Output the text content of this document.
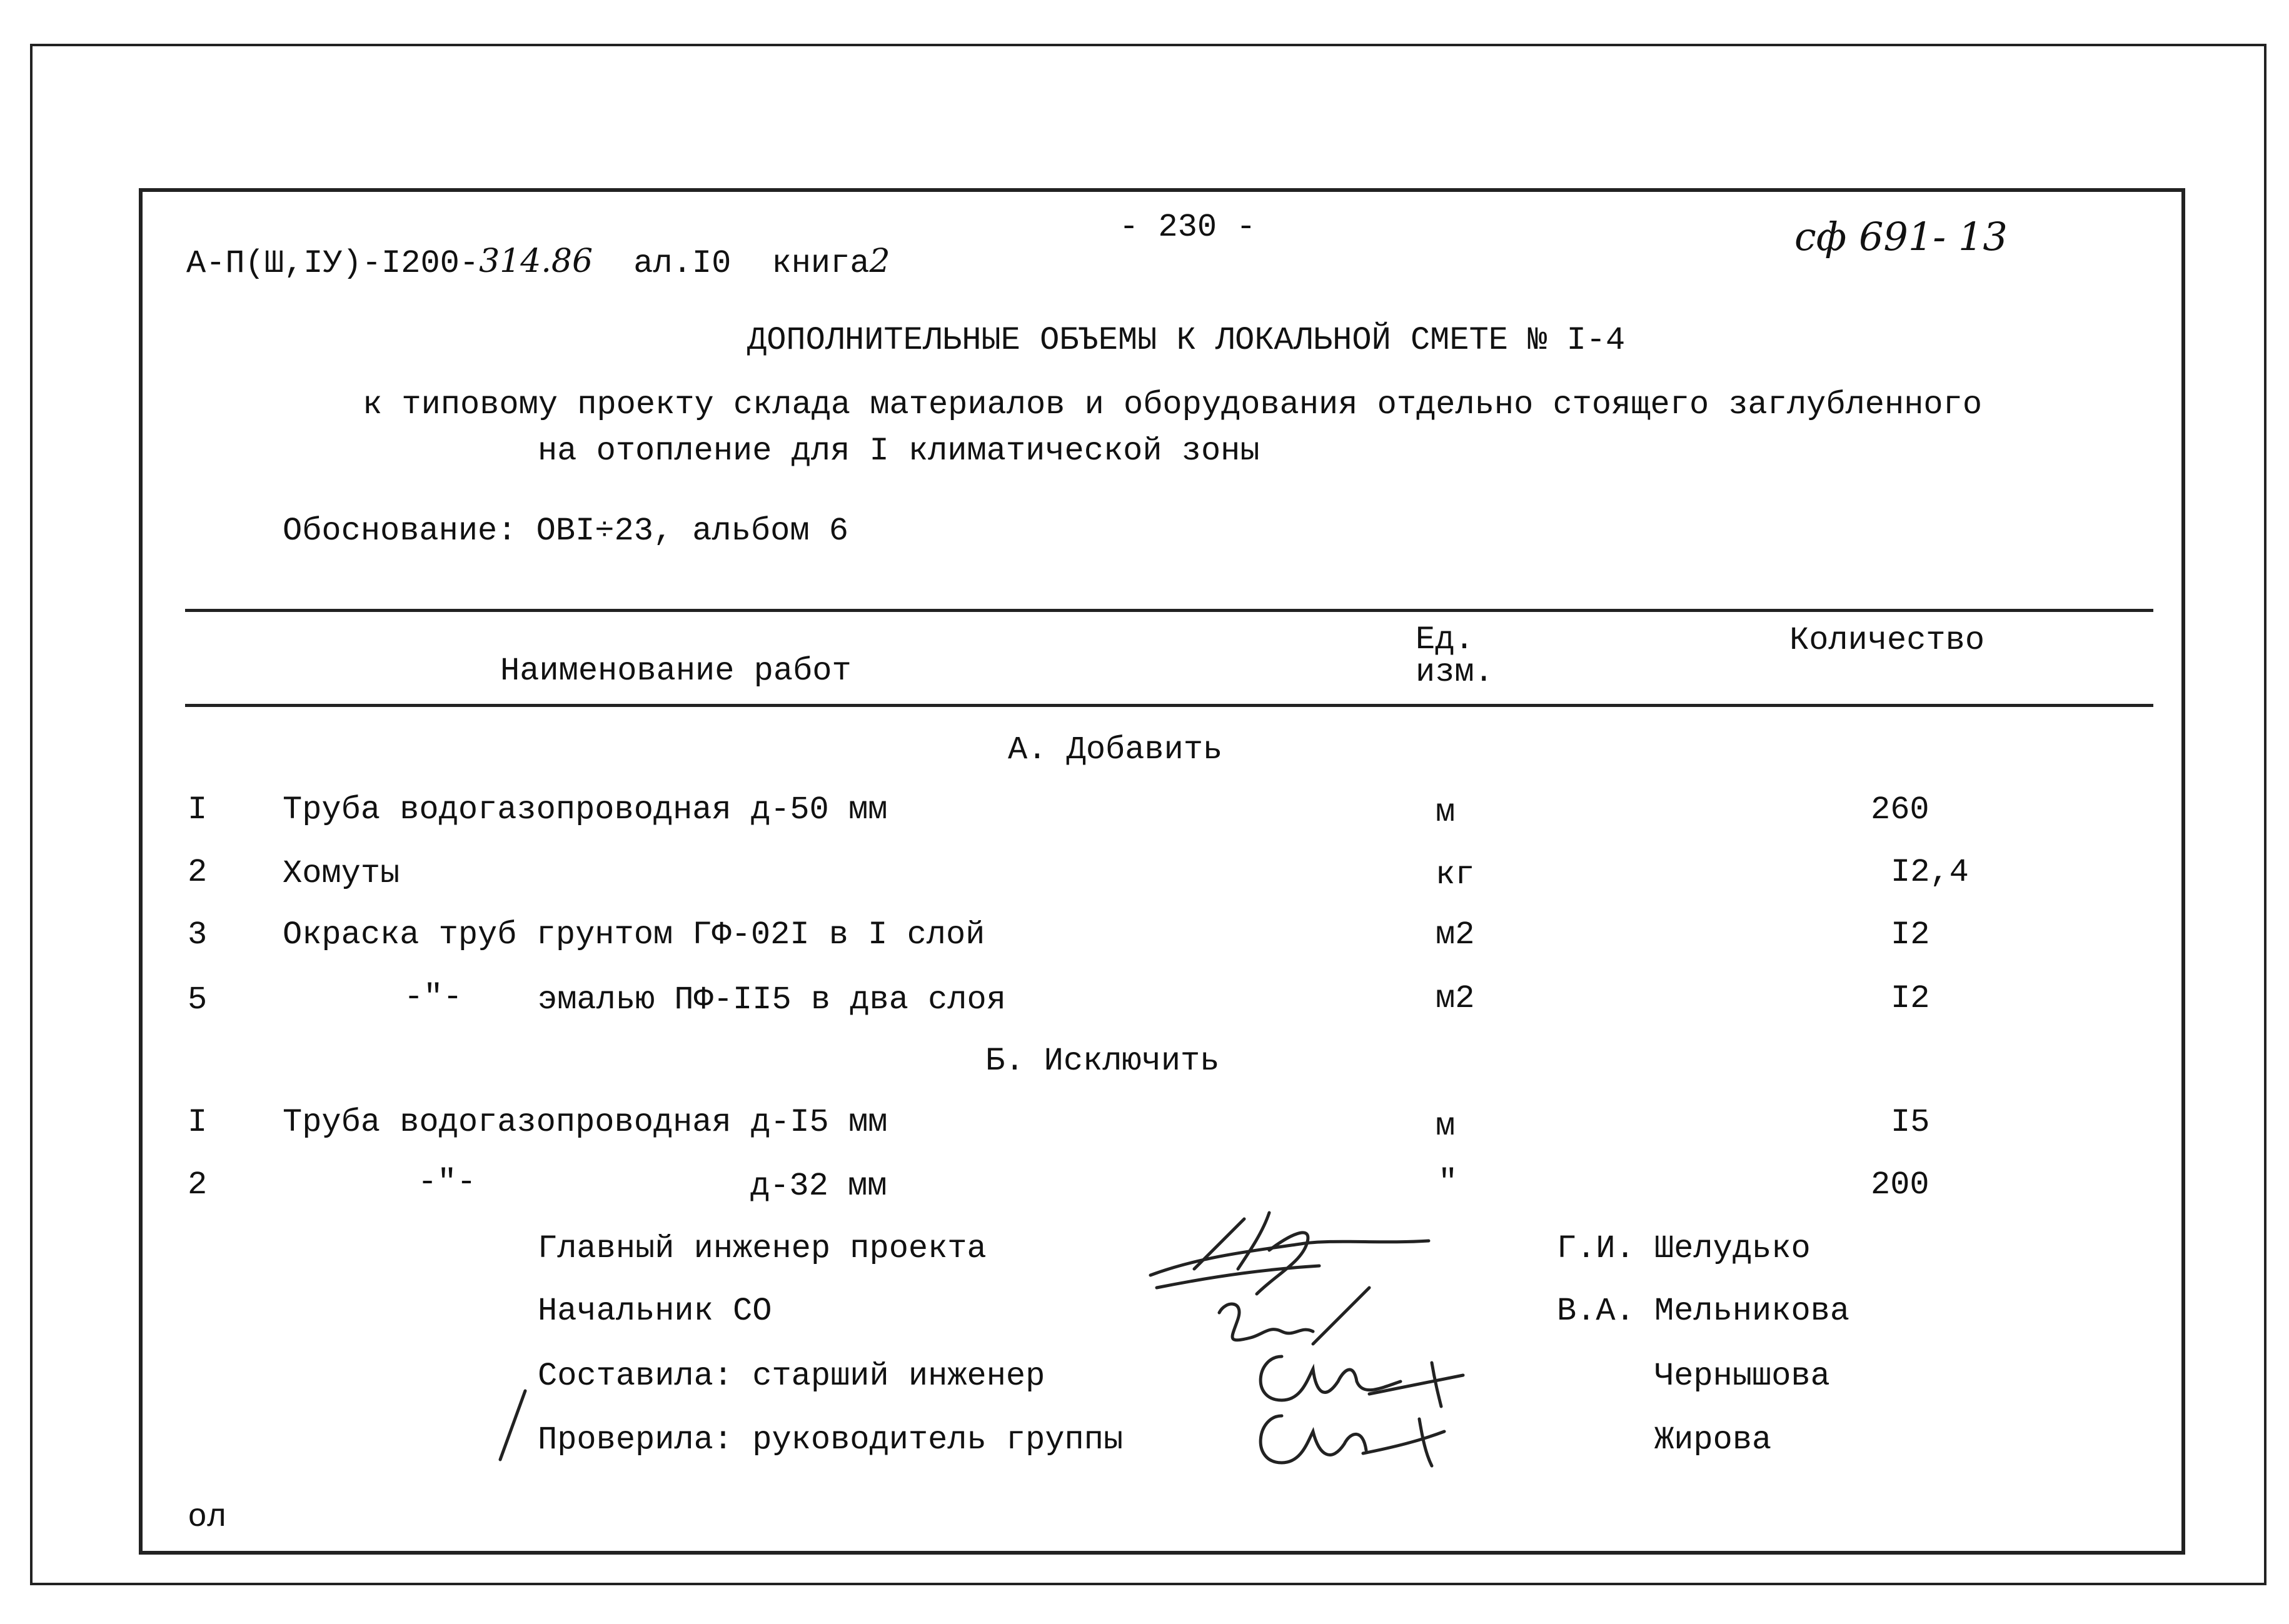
А-П(Ш,IУ)-I200-314.86 ал.I0 книга2
- 230 -	сф 691- 13
ДОПОЛНИТЕЛЬНЫЕ ОБЪЕМЫ К ЛОКАЛЬНОЙ СМЕТЕ № I-4
к типовому проекту склада материалов и оборудования отдельно стоящего заглубленного
на отопление для I климатической зоны
Обоснование: ОВI÷23, альбом 6
Наименование работ
Ед.
изм.
Количество
А. Добавить
I Труба водогазопроводная д-50 мм	м	260
2 Хомуты	кг	I2,4
3 Окраска труб грунтом ГФ-02I в I слой	м2	I2
5	-"- эмалью ПФ-II5 в два слоя	м2	I2
Б. Исключить
I Труба водогазопроводная д-I5 мм	м	I5
2	-"-	д-32 мм	"	200
Главный инженер проекта	Г.И. Шелудько
Начальник СО	В.А. Мельникова
Составила: старший инженер	Чернышова
Проверила: руководитель группы	Жирова
ол
